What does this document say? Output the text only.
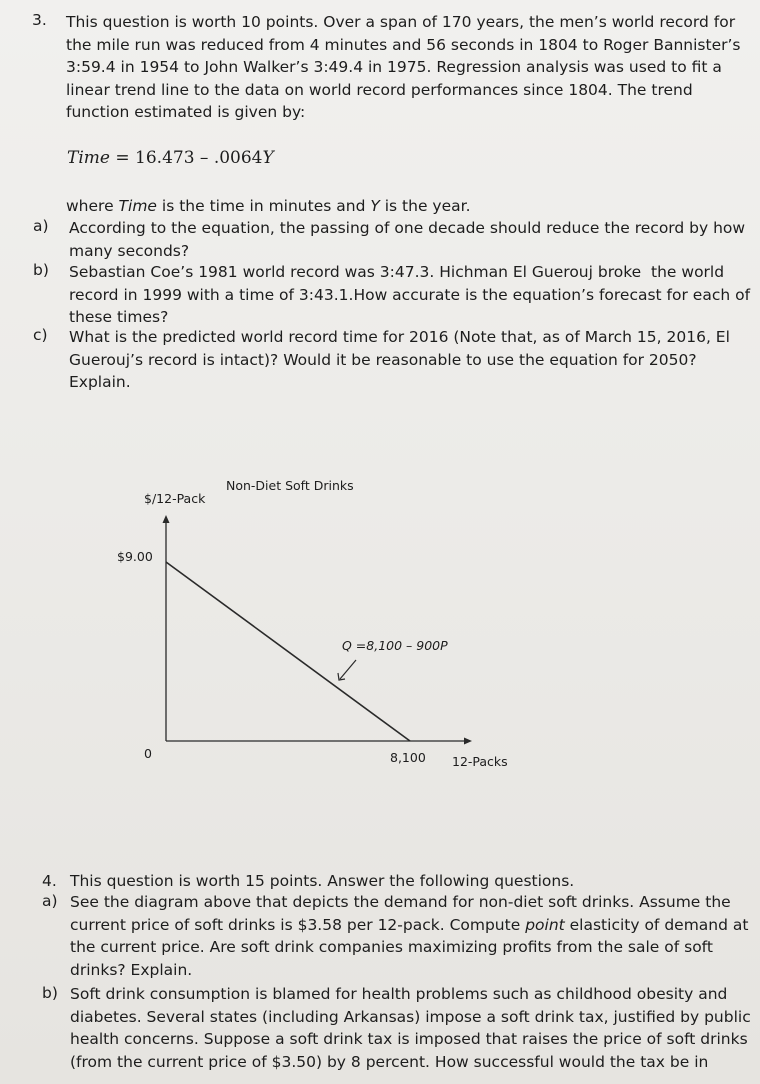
3. This question is worth 10 points. Over a span of 170 years, the men’s world record for
the mile run was reduced from 4 minutes and 56 seconds in 1804 to Roger Bannister’s
3:59.4 in 1954 to John Walker’s 3:49.4 in 1975. Regression analysis was used to fit a
linear trend line to the data on world record performances since 1804. The trend
function estimated is given by:
Time = 16.473 – .0064Y
where Time is the time in minutes and Y is the year.
a) According to the equation, the passing of one decade should reduce the record by how
many seconds?
b) Sebastian Coe’s 1981 world record was 3:47.3. Hichman El Guerouj broke  the world
record in 1999 with a time of 3:43.1.How accurate is the equation’s forecast for each of
these times?
c) What is the predicted world record time for 2016 (Note that, as of March 15, 2016, El
Guerouj’s record is intact)? Would it be reasonable to use the equation for 2050?
Explain.
Non-Diet Soft Drinks
$/12-Pack
$9.00
0	8,100 12-Packs
Q =8,100 – 900P
4. This question is worth 15 points. Answer the following questions.
a) See the diagram above that depicts the demand for non-diet soft drinks. Assume the
current price of soft drinks is $3.58 per 12-pack. Compute point elasticity of demand at
the current price. Are soft drink companies maximizing profits from the sale of soft
drinks? Explain.
b) Soft drink consumption is blamed for health problems such as childhood obesity and
diabetes. Several states (including Arkansas) impose a soft drink tax, justified by public
health concerns. Suppose a soft drink tax is imposed that raises the price of soft drinks
(from the current price of $3.50) by 8 percent. How successful would the tax be in
